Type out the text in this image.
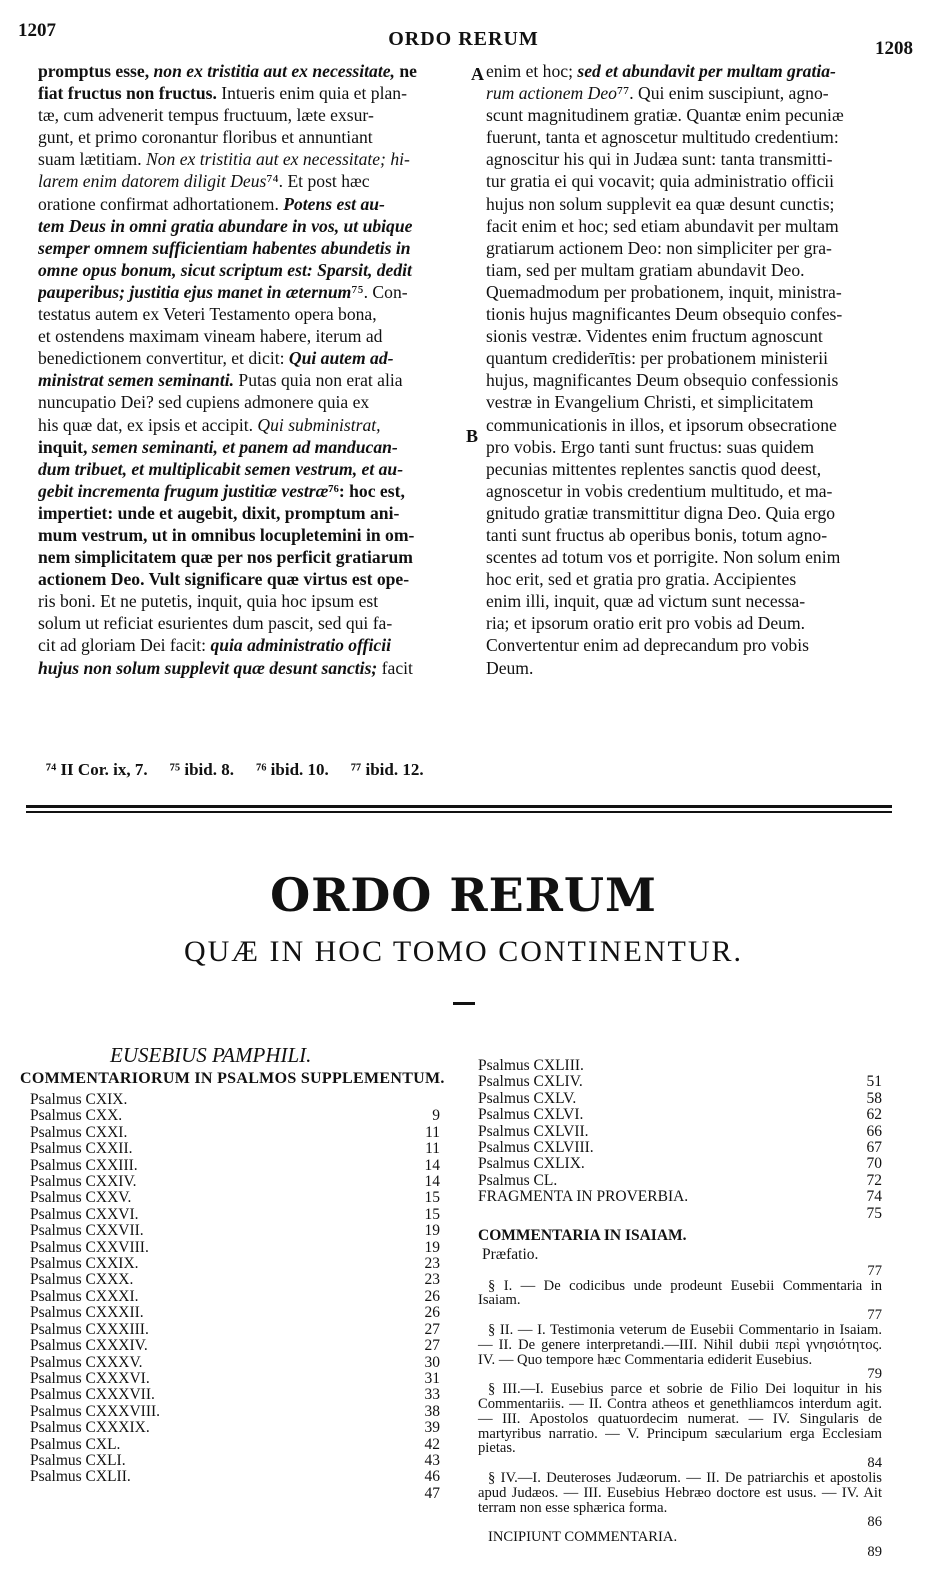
1207	ORDO RERUM	1208
promptus esse, non ex tristitia aut ex necessitate, ne
fiat fructus non fructus. Intueris enim quia et plan-
tæ, cum advenerit tempus fructuum, læte exsur-
gunt, et primo coronantur floribus et annuntiant
suam lætitiam. Non ex tristitia aut ex necessitate; hi-
larem enim datorem diligit Deus⁷⁴. Et post hæc
oratione confirmat adhortationem. Potens est au-
tem Deus in omni gratia abundare in vos, ut ubique
semper omnem sufficientiam habentes abundetis in
omne opus bonum, sicut scriptum est: Sparsit, dedit
pauperibus; justitia ejus manet in æternum⁷⁵. Con-
testatus autem ex Veteri Testamento opera bona,
et ostendens maximam vineam habere, iterum ad
benedictionem convertitur, et dicit: Qui autem ad-
ministrat semen seminanti. Putas quia non erat alia
nuncupatio Dei? sed cupiens admonere quia ex
his quæ dat, ex ipsis et accipit. Qui subministrat,
inquit, semen seminanti, et panem ad manducan-
dum tribuet, et multiplicabit semen vestrum, et au-
gebit incrementa frugum justitiæ vestræ⁷⁶: hoc est,
impertiet: unde et augebit, dixit, promptum ani-
mum vestrum, ut in omnibus locupletemini in om-
nem simplicitatem quæ per nos perficit gratiarum
actionem Deo. Vult significare quæ virtus est ope-
ris boni. Et ne putetis, inquit, quia hoc ipsum est
solum ut reficiat esurientes dum pascit, sed qui fa-
cit ad gloriam Dei facit: quia administratio officii
hujus non solum supplevit quæ desunt sanctis; facit
enim et hoc; sed et abundavit per multam gratia-
rum actionem Deo⁷⁷. Qui enim suscipiunt, agno-
scunt magnitudinem gratiæ. Quantæ enim pecuniæ
fuerunt, tanta et agnoscetur multitudo credentium:
agnoscitur his qui in Judæa sunt: tanta transmitti-
tur gratia ei qui vocavit; quia administratio officii
hujus non solum supplevit ea quæ desunt cunctis;
facit enim et hoc; sed etiam abundavit per multam
gratiarum actionem Deo: non simpliciter per gra-
tiam, sed per multam gratiam abundavit Deo.
Quemadmodum per probationem, inquit, ministra-
tionis hujus magnificantes Deum obsequio confes-
sionis vestræ. Videntes enim fructum agnoscunt
quantum crediderītis: per probationem ministerii
hujus, magnificantes Deum obsequio confessionis
vestræ in Evangelium Christi, et simplicitatem
communicationis in illos, et ipsorum obsecratione
pro vobis. Ergo tanti sunt fructus: suas quidem
pecunias mittentes replentes sanctis quod deest,
agnoscetur in vobis credentium multitudo, et ma-
gnitudo gratiæ transmittitur digna Deo. Quia ergo
tanti sunt fructus ab operibus bonis, totum agno-
scentes ad totum vos et porrigite. Non solum enim
hoc erit, sed et gratia pro gratia. Accipientes
enim illi, inquit, quæ ad victum sunt necessa-
ria; et ipsorum oratio erit pro vobis ad Deum.
Convertentur enim ad deprecandum pro vobis
Deum.
A
B
⁷⁴ II Cor. ix, 7. ⁷⁵ ibid. 8. ⁷⁶ ibid. 10. ⁷⁷ ibid. 12.
ORDO RERUM
QUÆ IN HOC TOMO CONTINENTUR.
EUSEBIUS PAMPHILI.
COMMENTARIORUM IN PSALMOS SUPPLEMENTUM.
Psalmus CXIX.
Psalmus CXX.	9
Psalmus CXXI.	11
Psalmus CXXII.	11
Psalmus CXXIII.	14
Psalmus CXXIV.	14
Psalmus CXXV.	15
Psalmus CXXVI.	15
Psalmus CXXVII.	19
Psalmus CXXVIII.	19
Psalmus CXXIX.	23
Psalmus CXXX.	23
Psalmus CXXXI.	26
Psalmus CXXXII.	26
Psalmus CXXXIII.	27
Psalmus CXXXIV.	27
Psalmus CXXXV.	30
Psalmus CXXXVI.	31
Psalmus CXXXVII.	33
Psalmus CXXXVIII.	38
Psalmus CXXXIX.	39
Psalmus CXL.	42
Psalmus CXLI.	43
Psalmus CXLII.	46
47
Psalmus CXLIII.
Psalmus CXLIV.	51
Psalmus CXLV.	58
Psalmus CXLVI.	62
Psalmus CXLVII.	66
Psalmus CXLVIII.	67
Psalmus CXLIX.	70
Psalmus CL.	72
FRAGMENTA IN PROVERBIA.	74
75
COMMENTARIA IN ISAIAM.
Præfatio.
77
§ I. — De codicibus unde prodeunt Eusebii Commentaria in Isaiam.
77
§ II. — I. Testimonia veterum de Eusebii Commentario in Isaiam. — II. De genere interpretandi.—III. Nihil dubii περὶ γνησιότητος. IV. — Quo tempore hæc Commentaria ediderit Eusebius.
79
§ III.—I. Eusebius parce et sobrie de Filio Dei loquitur in his Commentariis. — II. Contra atheos et genethliamcos interdum agit. — III. Apostolos quatuordecim numerat. — IV. Singularis de martyribus narratio. — V. Principum sæcularium erga Ecclesiam pietas.
84
§ IV.—I. Deuteroses Judæorum. — II. De patriarchis et apostolis apud Judæos. — III. Eusebius Hebræo doctore est usus. — IV. Ait terram non esse sphærica forma.
86
INCIPIUNT COMMENTARIA.
89
